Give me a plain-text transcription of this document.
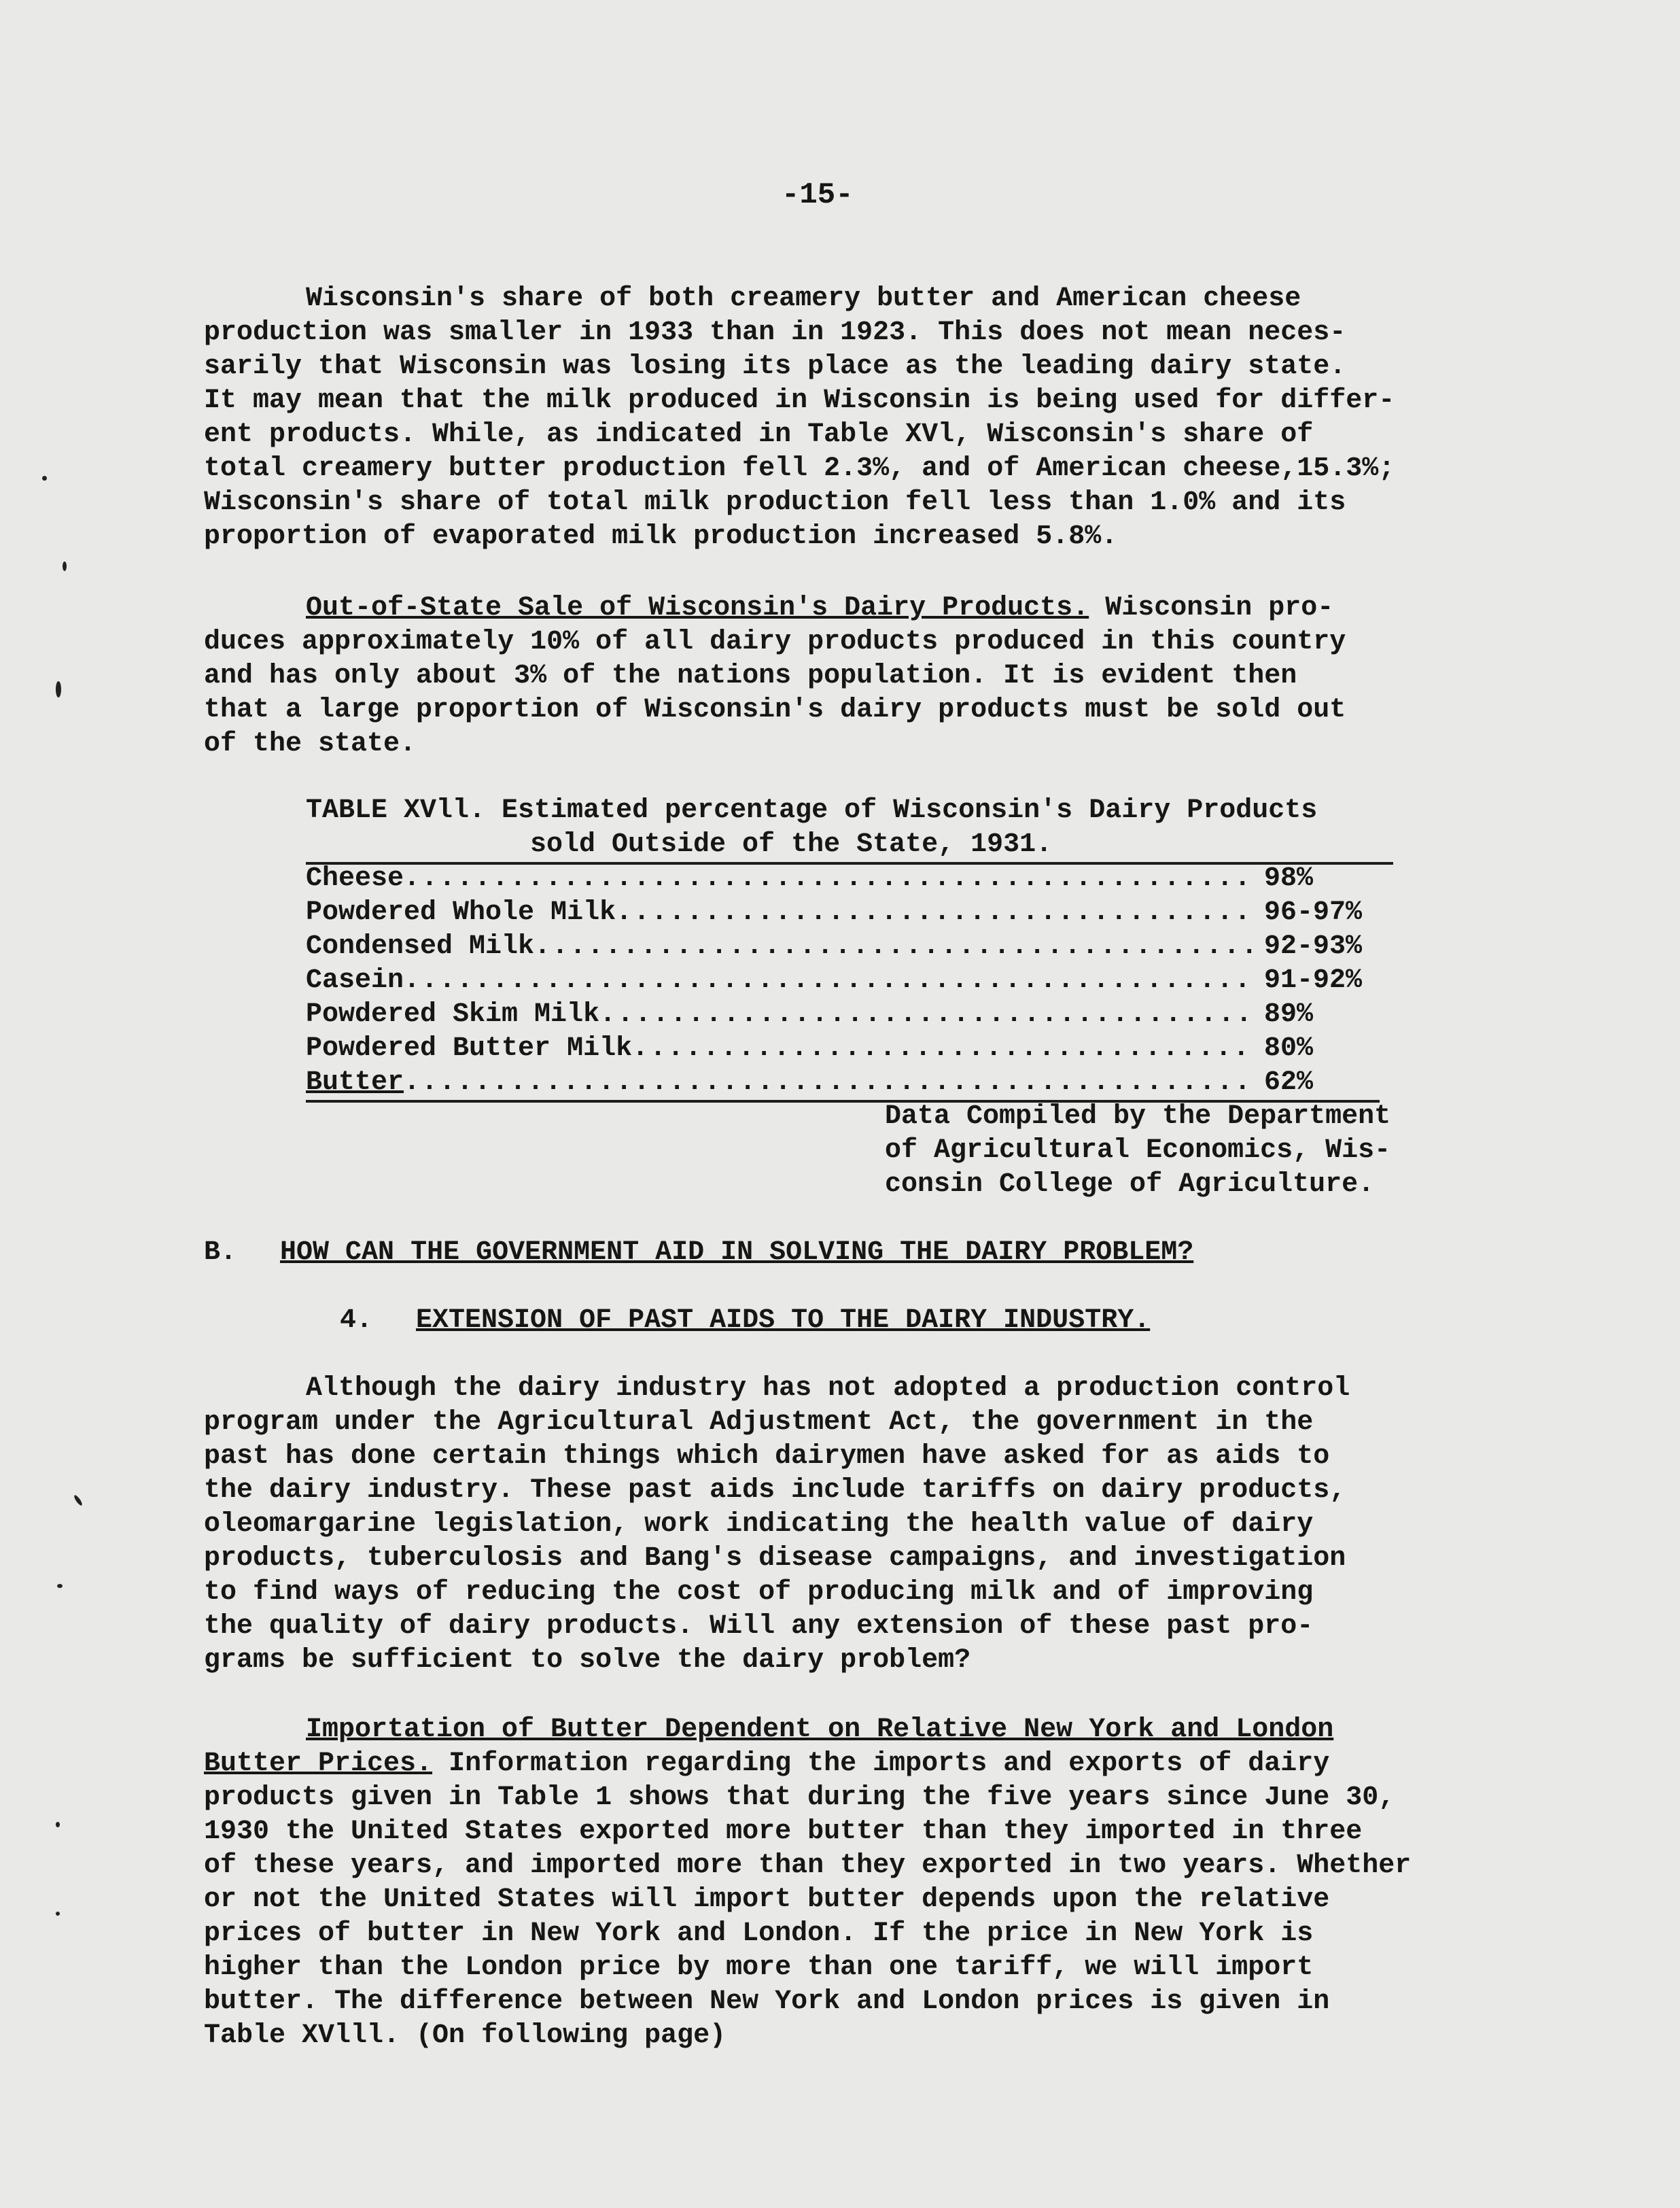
-15-
Wisconsin's share of both creamery butter and American cheese
production was smaller in 1933 than in 1923. This does not mean neces-
sarily that Wisconsin was losing its place as the leading dairy state.
It may mean that the milk produced in Wisconsin is being used for differ-
ent products. While, as indicated in Table XVl, Wisconsin's share of
total creamery butter production fell 2.3%, and of American cheese,15.3%;
Wisconsin's share of total milk production fell less than 1.0% and its
proportion of evaporated milk production increased 5.8%.
Out-of-State Sale of Wisconsin's Dairy Products. Wisconsin pro-
duces approximately 10% of all dairy products produced in this country
and has only about 3% of the nations population. It is evident then
that a large proportion of Wisconsin's dairy products must be sold out
of the state.
TABLE XVll. Estimated percentage of Wisconsin's Dairy Products
sold Outside of the State, 1931.
Cheese .....	98%
Powdered Whole Milk .....	96-97%
Condensed Milk .....	92-93%
Casein .....	91-92%
Powdered Skim Milk .....	89%
Powdered Butter Milk .....	80%
Butter .....	62%
Data Compiled by the Department
of Agricultural Economics, Wis-
consin College of Agriculture.
B. HOW CAN THE GOVERNMENT AID IN SOLVING THE DAIRY PROBLEM?
4. EXTENSION OF PAST AIDS TO THE DAIRY INDUSTRY.
Although the dairy industry has not adopted a production control
program under the Agricultural Adjustment Act, the government in the
past has done certain things which dairymen have asked for as aids to
the dairy industry. These past aids include tariffs on dairy products,
oleomargarine legislation, work indicating the health value of dairy
products, tuberculosis and Bang's disease campaigns, and investigation
to find ways of reducing the cost of producing milk and of improving
the quality of dairy products. Will any extension of these past pro-
grams be sufficient to solve the dairy problem?
Importation of Butter Dependent on Relative New York and London
Butter Prices. Information regarding the imports and exports of dairy
products given in Table 1 shows that during the five years since June 30,
1930 the United States exported more butter than they imported in three
of these years, and imported more than they exported in two years. Whether
or not the United States will import butter depends upon the relative
prices of butter in New York and London. If the price in New York is
higher than the London price by more than one tariff, we will import
butter. The difference between New York and London prices is given in
Table XVlll. (On following page)
